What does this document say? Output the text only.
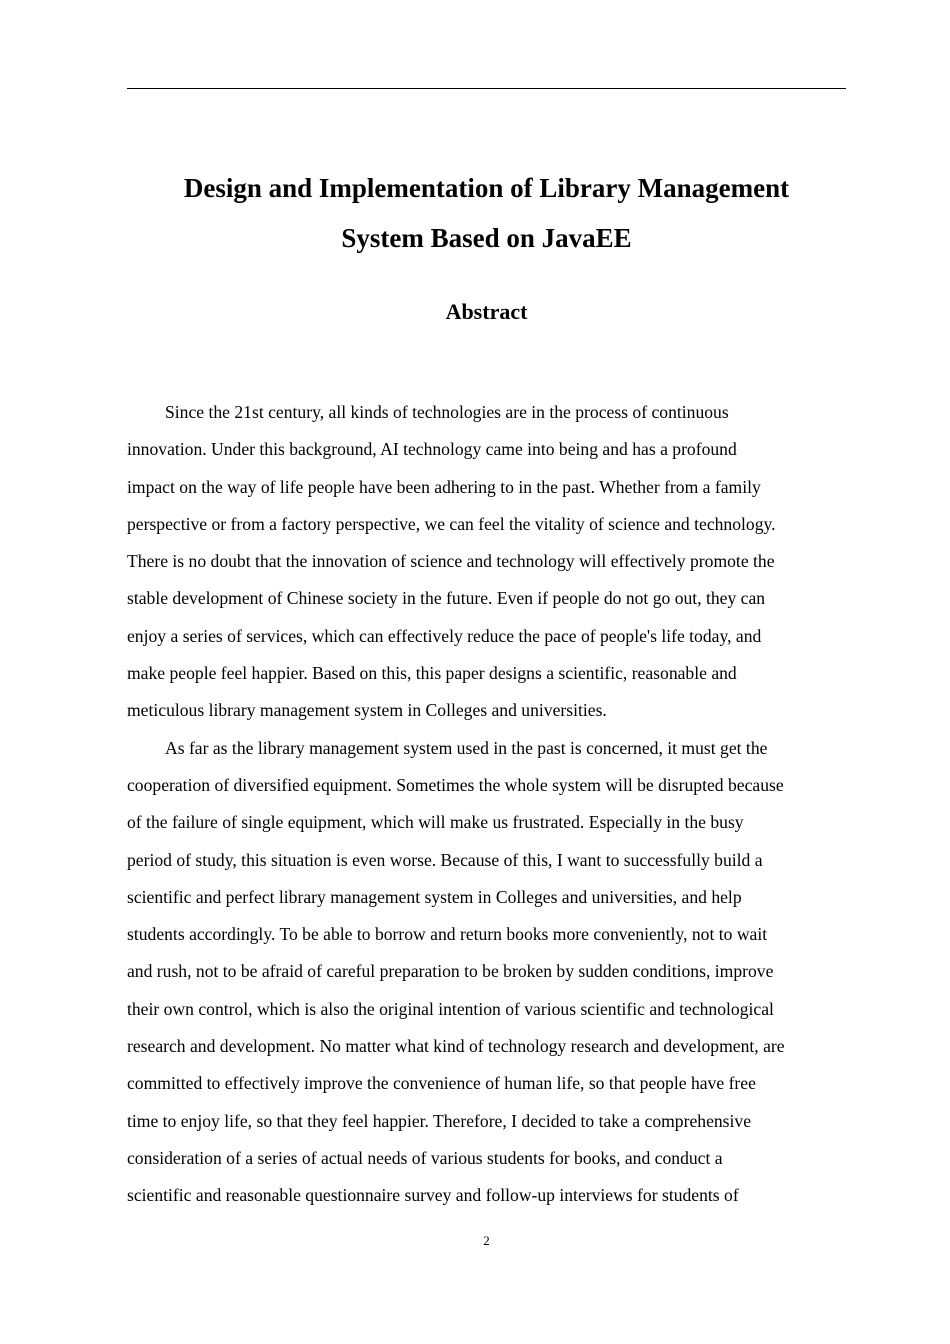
Design and Implementation of Library Management
System Based on JavaEE
Abstract

Since the 21st century, all kinds of technologies are in the process of continuous
innovation. Under this background, AI technology came into being and has a profound
impact on the way of life people have been adhering to in the past. Whether from a family
perspective or from a factory perspective, we can feel the vitality of science and technology.
There is no doubt that the innovation of science and technology will effectively promote the
stable development of Chinese society in the future. Even if people do not go out, they can
enjoy a series of services, which can effectively reduce the pace of people's life today, and
make people feel happier. Based on this, this paper designs a scientific, reasonable and
meticulous library management system in Colleges and universities.

As far as the library management system used in the past is concerned, it must get the
cooperation of diversified equipment. Sometimes the whole system will be disrupted because
of the failure of single equipment, which will make us frustrated. Especially in the busy
period of study, this situation is even worse. Because of this, I want to successfully build a
scientific and perfect library management system in Colleges and universities, and help
students accordingly. To be able to borrow and return books more conveniently, not to wait
and rush, not to be afraid of careful preparation to be broken by sudden conditions, improve
their own control, which is also the original intention of various scientific and technological
research and development. No matter what kind of technology research and development, are
committed to effectively improve the convenience of human life, so that people have free
time to enjoy life, so that they feel happier. Therefore, I decided to take a comprehensive
consideration of a series of actual needs of various students for books, and conduct a
scientific and reasonable questionnaire survey and follow-up interviews for students of

2
